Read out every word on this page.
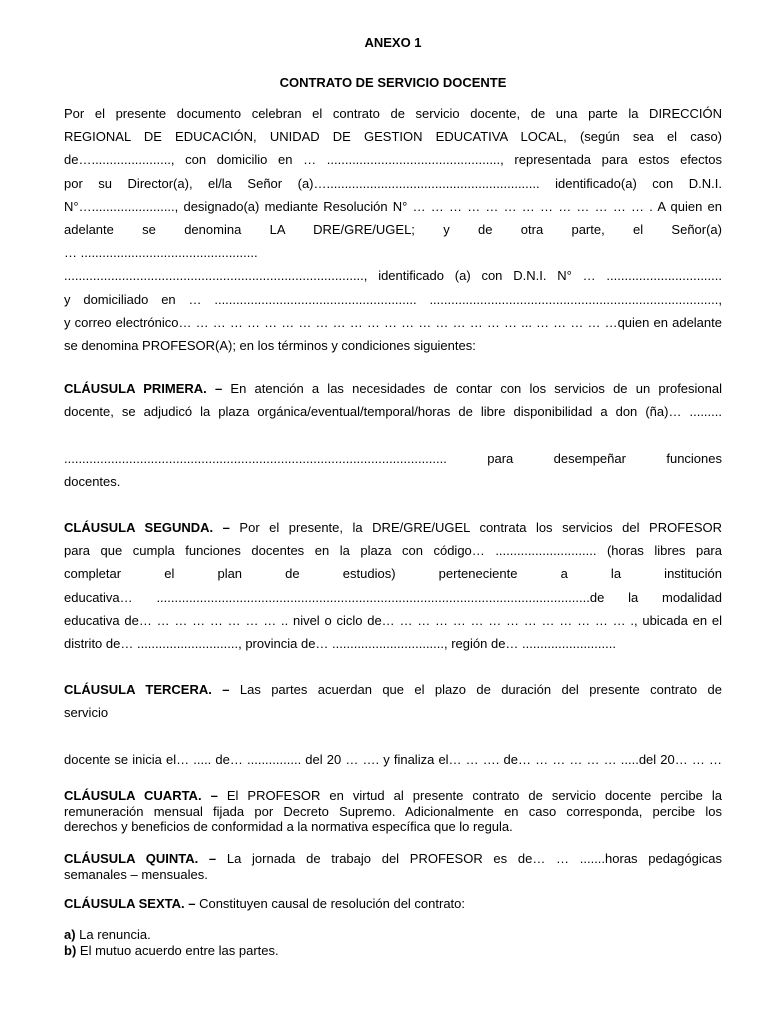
ANEXO 1

CONTRATO DE SERVICIO DOCENTE

Por el presente documento celebran el contrato de servicio docente, de una parte la DIRECCIÓN
REGIONAL DE EDUCACIÓN, UNIDAD DE GESTION EDUCATIVA LOCAL, (según sea el caso)
de…......................, con domicilio en … ................................................, representada para estos efectos
por su Director(a), el/la Señor (a)…........................................................... identificado(a) con D.N.I.
N°…......................., designado(a) mediante Resolución N° … … … … … … … … … … … … … . A quien en
adelante se denomina LA DRE/GRE/UGEL; y de otra parte, el Señor(a)
… .................................................
..................................................................................., identificado (a) con D.N.I. N° … ................................
y domiciliado en … ........................................................ ................................................................................,
y correo electrónico… … … … … … … … … … … … … … … … … … … … ... … … … … …quien en adelante
se denomina PROFESOR(A); en los términos y condiciones siguientes:
CLÁUSULA PRIMERA. – En atención a las necesidades de contar con los servicios de un profesional
docente, se adjudicó la plaza orgánica/eventual/temporal/horas de libre disponibilidad a don (ña)… .........

.......................................................................................................... para desempeñar funciones
docentes.
CLÁUSULA SEGUNDA. – Por el presente, la DRE/GRE/UGEL contrata los servicios del PROFESOR
para que cumpla funciones docentes en la plaza con código… ............................ (horas libres para
completar el plan de estudios) perteneciente a la institución
educativa… ........................................................................................................................de la modalidad
educativa de… … … … … … … … .. nivel o ciclo de… … … … … … … … … … … … … … ., ubicada en el
distrito de… ............................, provincia de… ..............................., región de… ..........................
CLÁUSULA TERCERA. – Las partes acuerdan que el plazo de duración del presente contrato de
servicio

docente se inicia el… ..... de… ............... del 20 … …. y finaliza el… … …. de… … … … … … .....del 20… … …
CLÁUSULA CUARTA. – El PROFESOR en virtud al presente contrato de servicio docente percibe la
remuneración mensual fijada por Decreto Supremo. Adicionalmente en caso corresponda, percibe los
derechos y beneficios de conformidad a la normativa específica que lo regula.
CLÁUSULA QUINTA. – La jornada de trabajo del PROFESOR es de… … .......horas pedagógicas
semanales – mensuales.
CLÁUSULA SEXTA. – Constituyen causal de resolución del contrato:
a) La renuncia.
b) El mutuo acuerdo entre las partes.
